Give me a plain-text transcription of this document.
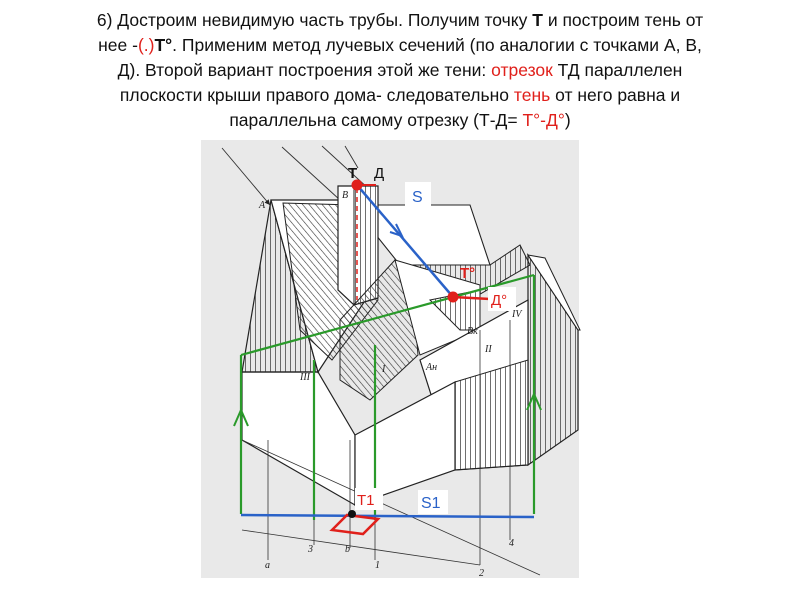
6) Достроим невидимую часть трубы. Получим точку Т и построим тень от
нее -(.)Т°. Применим метод лучевых сечений (по аналогии с точками А, В,
Д). Второй вариант построения этой же тени: отрезок ТД параллелен
плоскости крыши правого дома- следовательно тень от него равна и
параллельна самому отрезку (Т-Д= Т°-Д°)
Т Д
S
Т°
Д°
Т1	S1
A
B
Bк
Aн
I
II
III
IV
a
b
1
2
3
4
